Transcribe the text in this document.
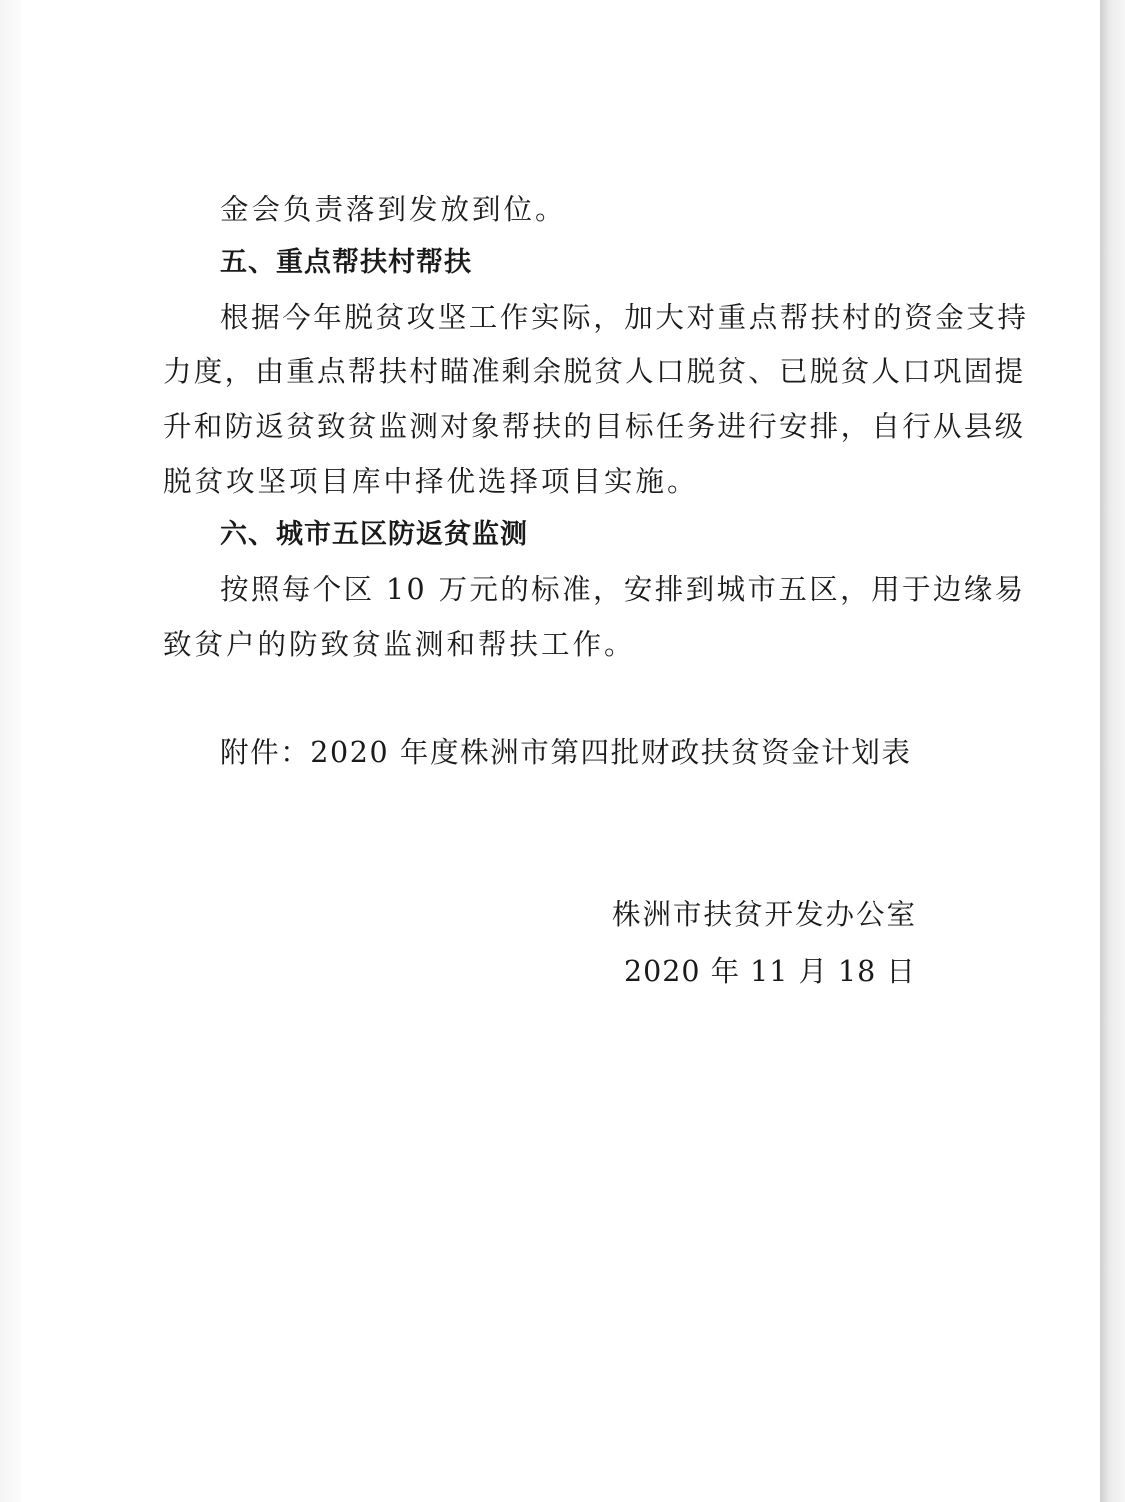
金会负责落到发放到位。
五、重点帮扶村帮扶
根据今年脱贫攻坚工作实际，加大对重点帮扶村的资金支持
力度，由重点帮扶村瞄准剩余脱贫人口脱贫、已脱贫人口巩固提
升和防返贫致贫监测对象帮扶的目标任务进行安排，自行从县级
脱贫攻坚项目库中择优选择项目实施。
六、城市五区防返贫监测
按照每个区 10 万元的标准，安排到城市五区，用于边缘易
致贫户的防致贫监测和帮扶工作。
附件：2020 年度株洲市第四批财政扶贫资金计划表
株洲市扶贫开发办公室
2020 年 11 月 18 日
